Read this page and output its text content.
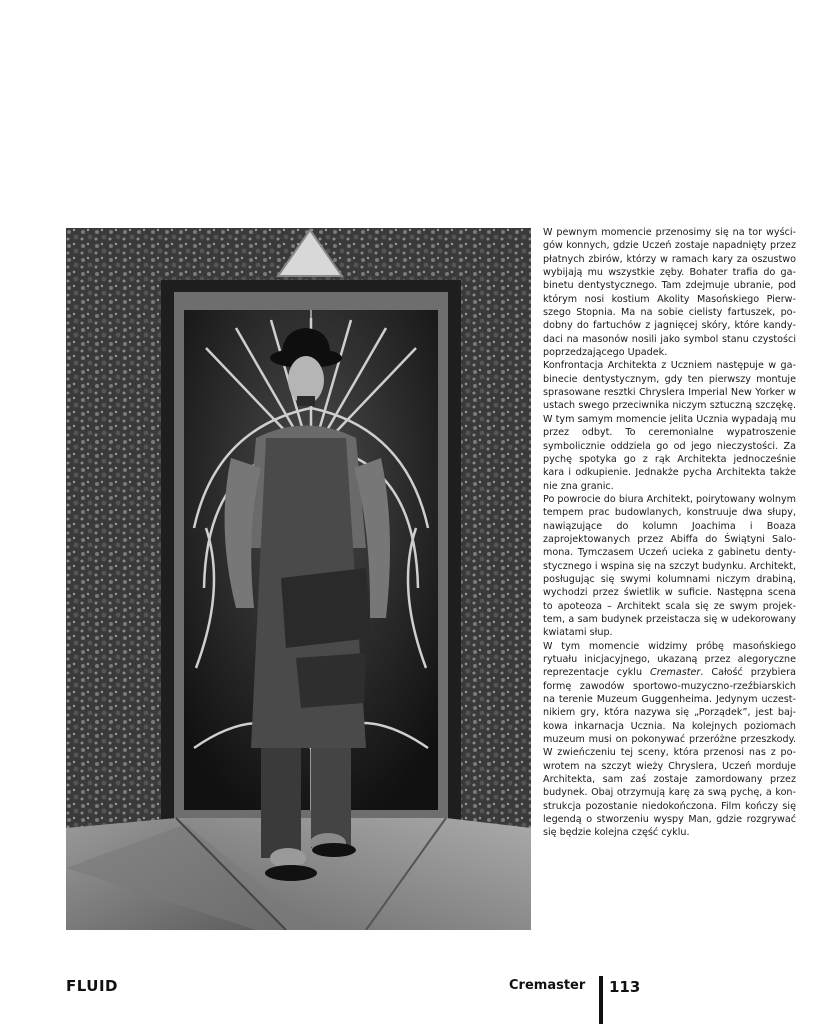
W pewnym momencie przenosimy się na tor wyścigów konnych, gdzie Uczeń zostaje napadnięty przez płatnych zbirów, którzy w ramach kary za oszustwo wybijają mu wszystkie zęby. Bohater trafia do gabinetu dentystycznego. Tam zdejmuje ubranie, pod którym nosi kostium Akolity Masońskiego Pierwszego Stopnia. Ma na sobie cielisty fartuszek, podobny do fartuchów z jagnięcej skóry, które kandydaci na masonów nosili jako symbol stanu czystości poprzedzającego Upadek.

Konfrontacja Architekta z Uczniem następuje w gabinecie dentystycznym, gdy ten pierwszy montuje sprasowane resztki Chryslera Imperial New Yorker w ustach swego przeciwnika niczym sztuczną szczękę. W tym samym momencie jelita Ucznia wypadają mu przez odbyt. To ceremonialne wypatroszenie symbolicznie oddziela go od jego nieczystości. Za pychę spotyka go z rąk Architekta jednocześnie kara i odkupienie. Jednakże pycha Architekta także nie zna granic.

Po powrocie do biura Architekt, poirytowany wolnym tempem prac budowlanych, konstruuje dwa słupy, nawiązujące do kolumn Joachima i Boaza zaprojektowanych przez Abiffa do Świątyni Salomona. Tymczasem Uczeń ucieka z gabinetu dentystycznego i wspina się na szczyt budynku. Architekt, posługując się swymi kolumnami niczym drabiną, wychodzi przez świetlik w suficie. Następna scena to apoteoza – Architekt scala się ze swym projektem, a sam budynek przeistacza się w udekorowany kwiatami słup.

W tym momencie widzimy próbę masońskiego rytuału inicjacyjnego, ukazaną przez alegoryczne reprezentacje cyklu Cremaster. Całość przybiera formę zawodów sportowo-muzyczno-rzeźbiarskich na terenie Muzeum Guggenheima. Jedynym uczestnikiem gry, która nazywa się „Porządek”, jest bajkowa inkarnacja Ucznia. Na kolejnych poziomach muzeum musi on pokonywać przeróżne przeszkody. W zwieńczeniu tej sceny, która przenosi nas z powrotem na szczyt wieży Chryslera, Uczeń morduje Architekta, sam zaś zostaje zamordowany przez budynek. Obaj otrzymują karę za swą pychę, a konstrukcja pozostanie niedokończona. Film kończy się legendą o stworzeniu wyspy Man, gdzie rozgrywać się będzie kolejna część cyklu.

FLUID	Cremaster 113
